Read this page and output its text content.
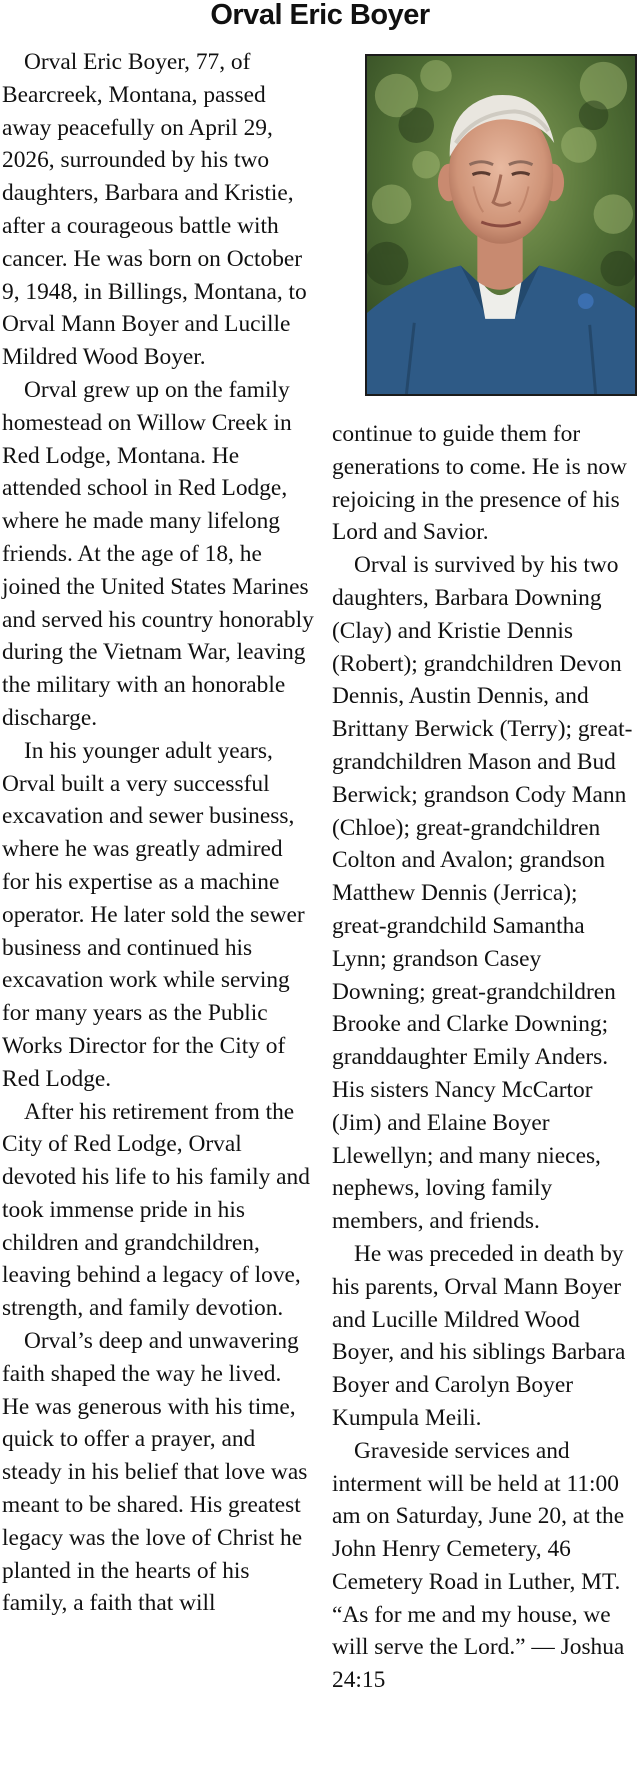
Orval Eric Boyer

Orval Eric Boyer, 77, of Bearcreek, Montana, passed away peacefully on April 29, 2026, surrounded by his two daughters, Barbara and Kristie, after a courageous battle with cancer. He was born on October 9, 1948, in Billings, Montana, to Orval Mann Boyer and Lucille Mildred Wood Boyer.

Orval grew up on the family homestead on Willow Creek in Red Lodge, Montana. He attended school in Red Lodge, where he made many lifelong friends. At the age of 18, he joined the United States Marines and served his country honorably during the Vietnam War, leaving the military with an honorable discharge.

In his younger adult years, Orval built a very successful excavation and sewer business, where he was greatly admired for his expertise as a machine operator. He later sold the sewer business and continued his excavation work while serving for many years as the Public Works Director for the City of Red Lodge.

After his retirement from the City of Red Lodge, Orval devoted his life to his family and took immense pride in his children and grandchildren, leaving behind a legacy of love, strength, and family devotion.

Orval’s deep and unwavering faith shaped the way he lived. He was generous with his time, quick to offer a prayer, and steady in his belief that love was meant to be shared. His greatest legacy was the love of Christ he planted in the hearts of his family, a faith that will

continue to guide them for generations to come. He is now rejoicing in the presence of his Lord and Savior.

Orval is survived by his two daughters, Barbara Downing (Clay) and Kristie Dennis (Robert); grandchildren Devon Dennis, Austin Dennis, and Brittany Berwick (Terry); great-grandchildren Mason and Bud Berwick; grandson Cody Mann (Chloe); great-grandchildren Colton and Avalon; grandson Matthew Dennis (Jerrica); great-grandchild Samantha Lynn; grandson Casey Downing; great-grandchildren Brooke and Clarke Downing; granddaughter Emily Anders. His sisters Nancy McCartor (Jim) and Elaine Boyer Llewellyn; and many nieces, nephews, loving family members, and friends.

He was preceded in death by his parents, Orval Mann Boyer and Lucille Mildred Wood Boyer, and his siblings Barbara Boyer and Carolyn Boyer Kumpula Meili.

Graveside services and interment will be held at 11:00 am on Saturday, June 20, at the John Henry Cemetery, 46 Cemetery Road in Luther, MT. “As for me and my house, we will serve the Lord.” — Joshua 24:15
